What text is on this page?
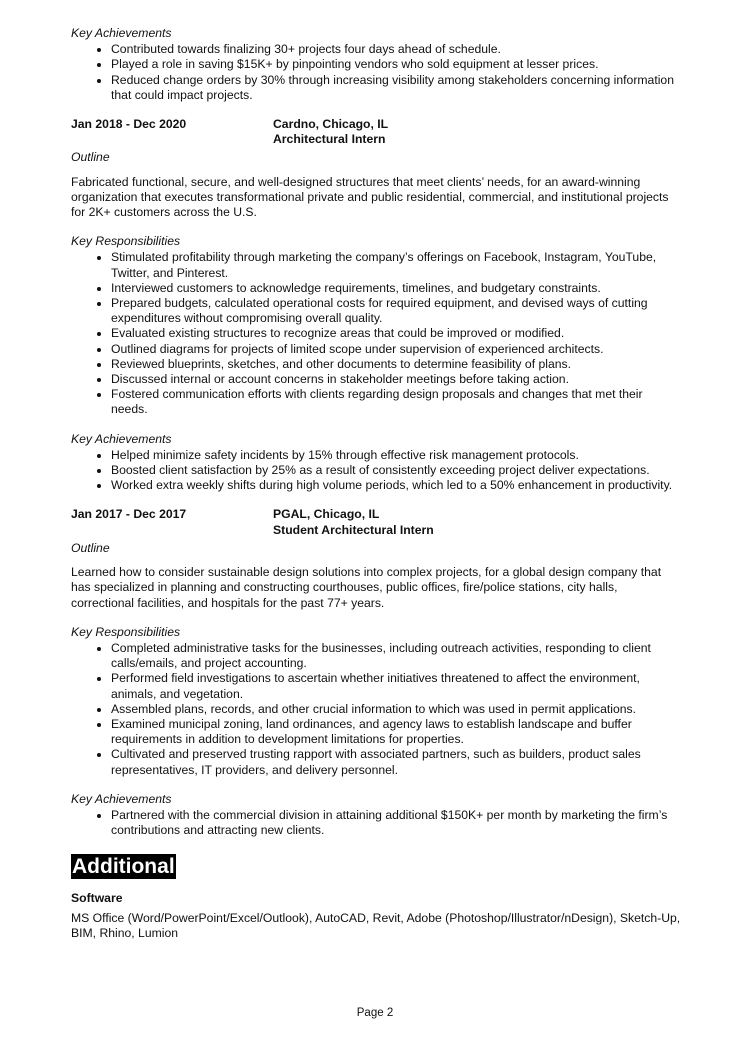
Key Achievements

• Contributed towards finalizing 30+ projects four days ahead of schedule.
• Played a role in saving $15K+ by pinpointing vendors who sold equipment at lesser prices.
• Reduced change orders by 30% through increasing visibility among stakeholders concerning information that could impact projects.
Jan 2018 - Dec 2020	Cardno, Chicago, IL
Architectural Intern

Outline

Fabricated functional, secure, and well-designed structures that meet clients’ needs, for an award-winning organization that executes transformational private and public residential, commercial, and institutional projects for 2K+ customers across the U.S.

Key Responsibilities

• Stimulated profitability through marketing the company’s offerings on Facebook, Instagram, YouTube, Twitter, and Pinterest.
• Interviewed customers to acknowledge requirements, timelines, and budgetary constraints.
• Prepared budgets, calculated operational costs for required equipment, and devised ways of cutting expenditures without compromising overall quality.
• Evaluated existing structures to recognize areas that could be improved or modified.
• Outlined diagrams for projects of limited scope under supervision of experienced architects.
• Reviewed blueprints, sketches, and other documents to determine feasibility of plans.
• Discussed internal or account concerns in stakeholder meetings before taking action.
• Fostered communication efforts with clients regarding design proposals and changes that met their needs.

Key Achievements

• Helped minimize safety incidents by 15% through effective risk management protocols.
• Boosted client satisfaction by 25% as a result of consistently exceeding project deliver expectations.
• Worked extra weekly shifts during high volume periods, which led to a 50% enhancement in productivity.
Jan 2017 - Dec 2017	PGAL, Chicago, IL
Student Architectural Intern

Outline

Learned how to consider sustainable design solutions into complex projects, for a global design company that has specialized in planning and constructing courthouses, public offices, fire/police stations, city halls, correctional facilities, and hospitals for the past 77+ years.

Key Responsibilities

• Completed administrative tasks for the businesses, including outreach activities, responding to client calls/emails, and project accounting.
• Performed field investigations to ascertain whether initiatives threatened to affect the environment, animals, and vegetation.
• Assembled plans, records, and other crucial information to which was used in permit applications.
• Examined municipal zoning, land ordinances, and agency laws to establish landscape and buffer requirements in addition to development limitations for properties.
• Cultivated and preserved trusting rapport with associated partners, such as builders, product sales representatives, IT providers, and delivery personnel.

Key Achievements

• Partnered with the commercial division in attaining additional $150K+ per month by marketing the firm’s contributions and attracting new clients.
Additional

Software

MS Office (Word/PowerPoint/Excel/Outlook), AutoCAD, Revit, Adobe (Photoshop/Illustrator/nDesign), Sketch-Up, BIM, Rhino, Lumion

Page 2
